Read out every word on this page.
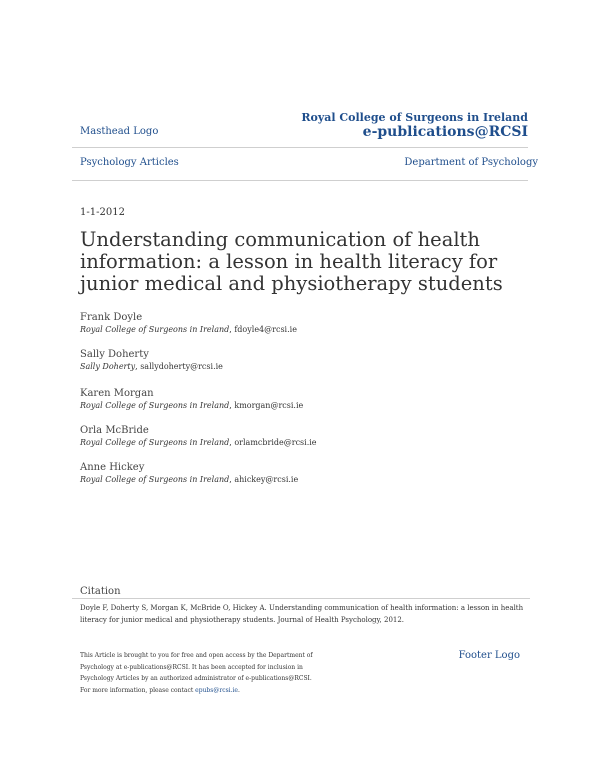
Masthead Logo
Royal College of Surgeons in Ireland
e-publications@RCSI
Psychology Articles	Department of Psychology
1-1-2012
Understanding communication of health information: a lesson in health literacy for junior medical and physiotherapy students
Frank Doyle
Royal College of Surgeons in Ireland, fdoyle4@rcsi.ie
Sally Doherty
Sally Doherty, sallydoherty@rcsi.ie
Karen Morgan
Royal College of Surgeons in Ireland, kmorgan@rcsi.ie
Orla McBride
Royal College of Surgeons in Ireland, orlamcbride@rcsi.ie
Anne Hickey
Royal College of Surgeons in Ireland, ahickey@rcsi.ie
Citation
Doyle F, Doherty S, Morgan K, McBride O, Hickey A. Understanding communication of health information: a lesson in health literacy for junior medical and physiotherapy students. Journal of Health Psychology, 2012.
This Article is brought to you for free and open access by the Department of Psychology at e-publications@RCSI. It has been accepted for inclusion in Psychology Articles by an authorized administrator of e-publications@RCSI. For more information, please contact epubs@rcsi.ie.
Footer Logo
